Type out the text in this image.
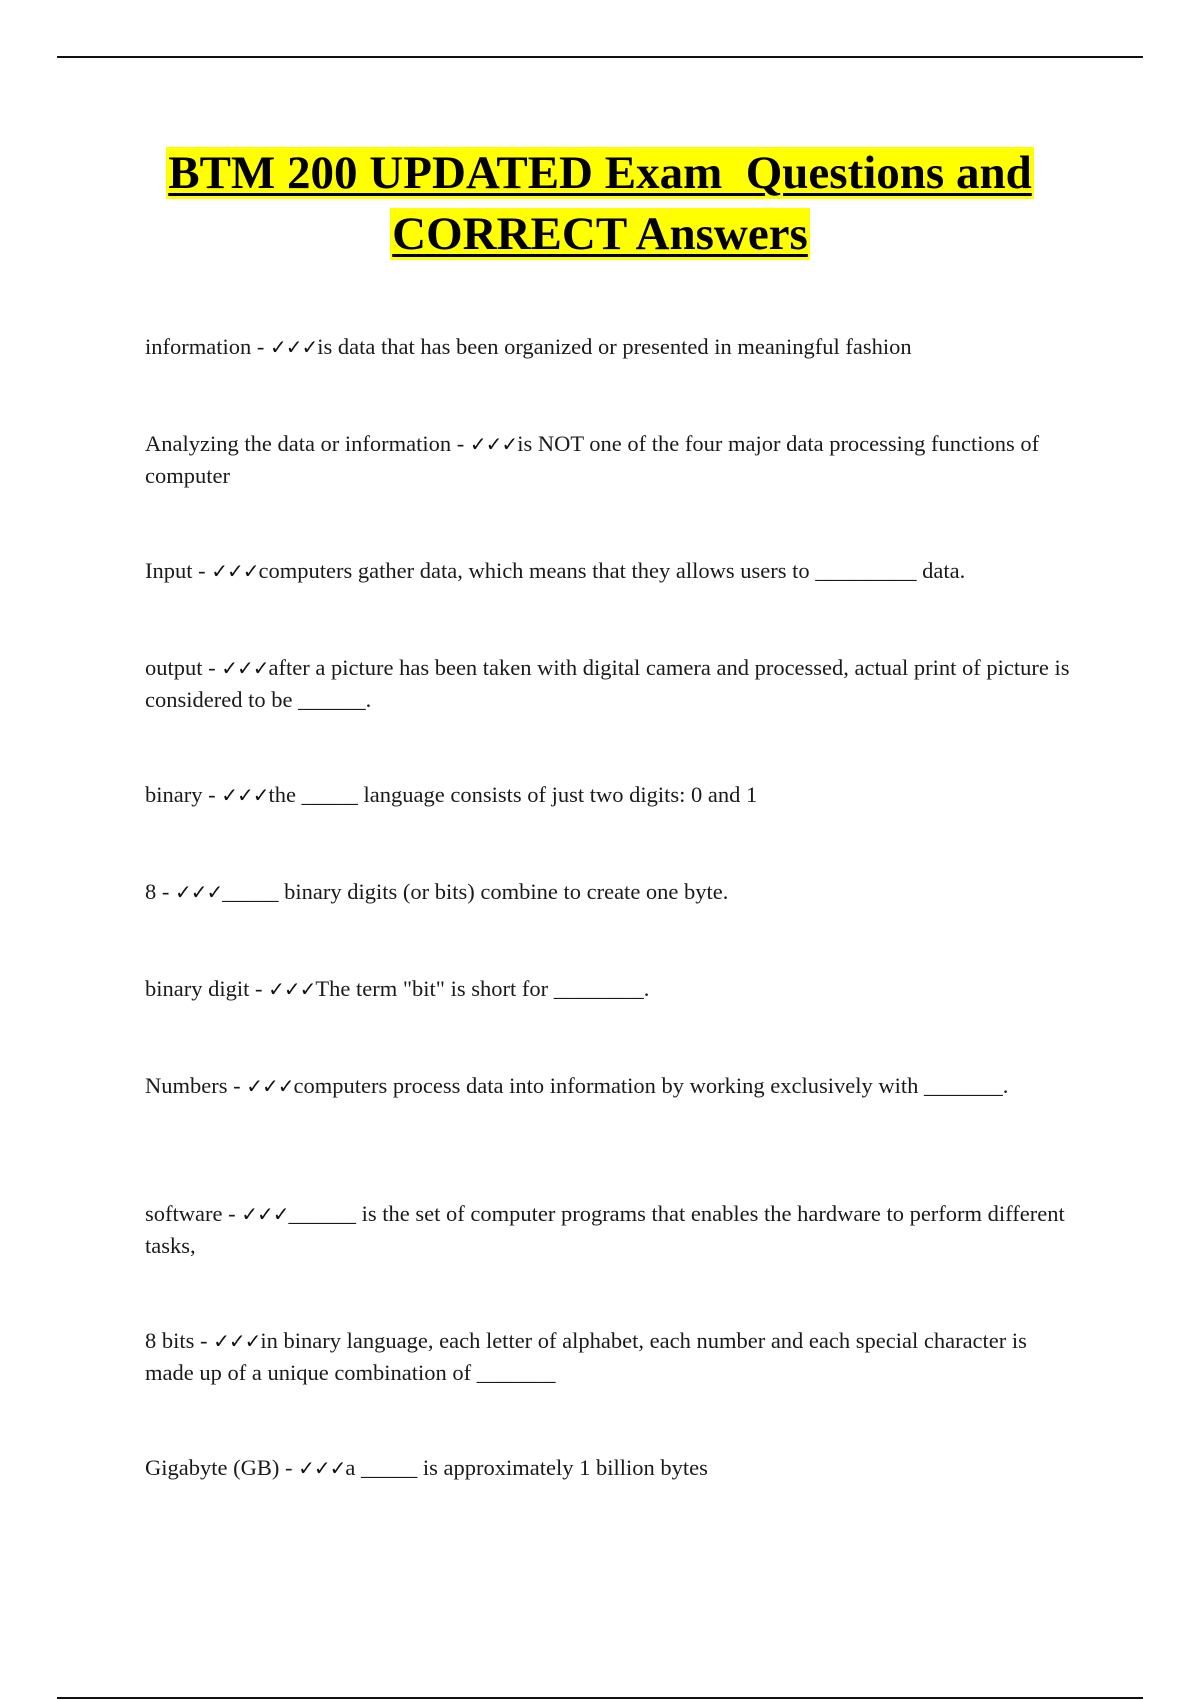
BTM 200 UPDATED Exam  Questions and
CORRECT Answers

information - ✓✓✓is data that has been organized or presented in meaningful fashion

Analyzing the data or information - ✓✓✓is NOT one of the four major data processing functions of computer

Input - ✓✓✓computers gather data, which means that they allows users to _________ data.

output - ✓✓✓after a picture has been taken with digital camera and processed, actual print of picture is considered to be ______.

binary - ✓✓✓the _____ language consists of just two digits: 0 and 1

8 - ✓✓✓_____ binary digits (or bits) combine to create one byte.

binary digit - ✓✓✓The term "bit" is short for ________.

Numbers - ✓✓✓computers process data into information by working exclusively with _______.

software - ✓✓✓______ is the set of computer programs that enables the hardware to perform different tasks,

8 bits - ✓✓✓in binary language, each letter of alphabet, each number and each special character is made up of a unique combination of _______

Gigabyte (GB) - ✓✓✓a _____ is approximately 1 billion bytes
